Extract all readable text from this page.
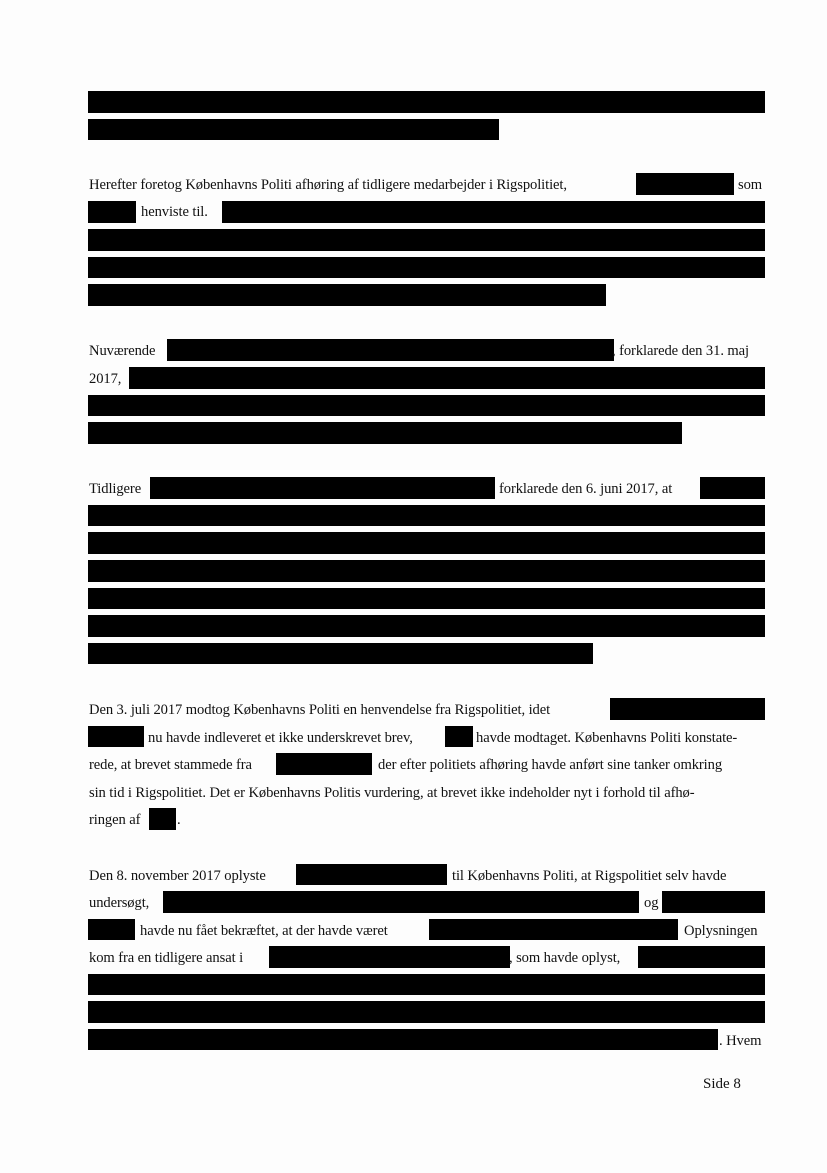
Herefter foretog Københavns Politi afhøring af tidligere medarbejder i Rigspolitiet,	som
henviste til.
Nuværende	, forklarede den 31. maj
2017,
Tidligere	forklarede den 6. juni 2017, at
Den 3. juli 2017 modtog Københavns Politi en henvendelse fra Rigspolitiet, idet
nu havde indleveret et ikke underskrevet brev,	havde modtaget. Københavns Politi konstate-
rede, at brevet stammede fra	der efter politiets afhøring havde anført sine tanker omkring
sin tid i Rigspolitiet. Det er Københavns Politis vurdering, at brevet ikke indeholder nyt i forhold til afhø-
ringen af	.
Den 8. november 2017 oplyste	til Københavns Politi, at Rigspolitiet selv havde
undersøgt,	og
havde nu fået bekræftet, at der havde været	Oplysningen
kom fra en tidligere ansat i	, som havde oplyst,
. Hvem
Side 8
